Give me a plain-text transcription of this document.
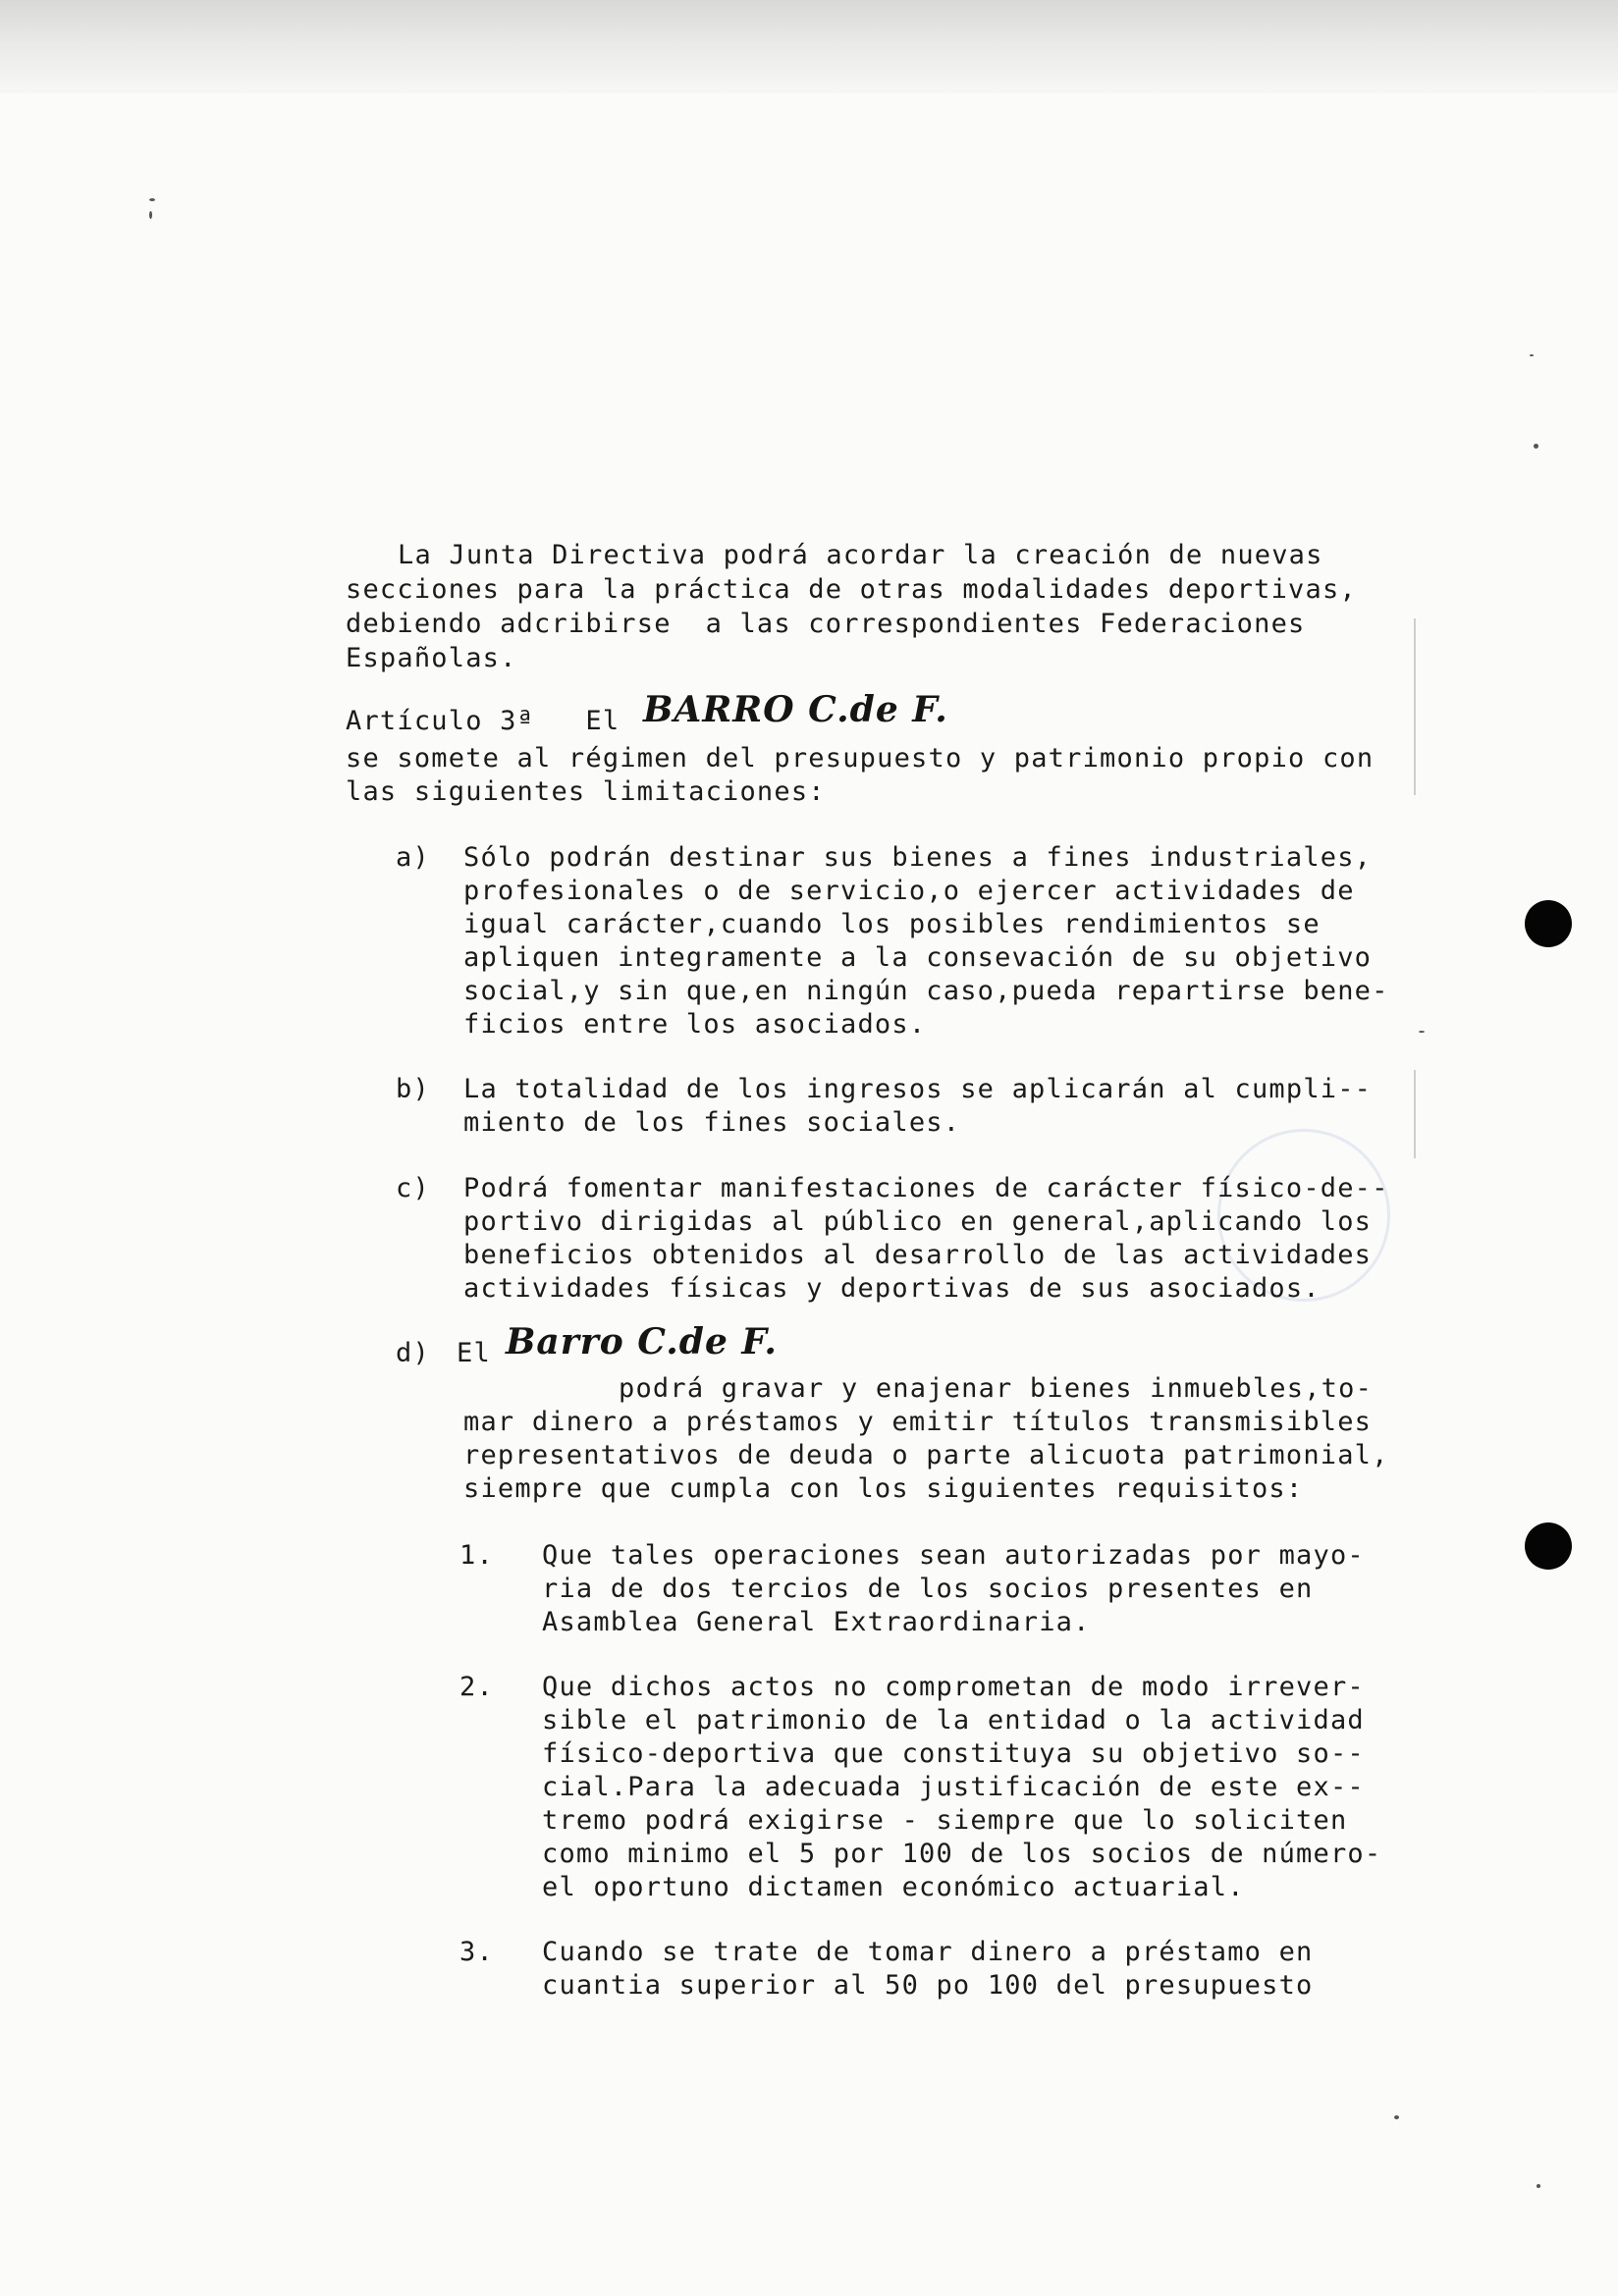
La Junta Directiva podrá acordar la creación de nuevas
secciones para la práctica de otras modalidades deportivas,
debiendo adcribirse  a las correspondientes Federaciones
Españolas.
Artículo 3ª   El BARRO C.de F.
se somete al régimen del presupuesto y patrimonio propio con
las siguientes limitaciones:
a) Sólo podrán destinar sus bienes a fines industriales,
profesionales o de servicio,o ejercer actividades de
igual carácter,cuando los posibles rendimientos se
apliquen integramente a la consevación de su objetivo
social,y sin que,en ningún caso,pueda repartirse bene-
ficios entre los asociados.
b) La totalidad de los ingresos se aplicarán al cumpli--
miento de los fines sociales.
c) Podrá fomentar manifestaciones de carácter físico-de--
portivo dirigidas al público en general,aplicando los
beneficios obtenidos al desarrollo de las actividades
actividades físicas y deportivas de sus asociados.
d) El Barro C.de F.
podrá gravar y enajenar bienes inmuebles,to-
mar dinero a préstamos y emitir títulos transmisibles
representativos de deuda o parte alicuota patrimonial,
siempre que cumpla con los siguientes requisitos:
1. Que tales operaciones sean autorizadas por mayo-
ria de dos tercios de los socios presentes en
Asamblea General Extraordinaria.
2. Que dichos actos no comprometan de modo irrever-
sible el patrimonio de la entidad o la actividad
físico-deportiva que constituya su objetivo so--
cial.Para la adecuada justificación de este ex--
tremo podrá exigirse - siempre que lo soliciten
como minimo el 5 por 100 de los socios de número-
el oportuno dictamen económico actuarial.
3. Cuando se trate de tomar dinero a préstamo en
cuantia superior al 50 po 100 del presupuesto
